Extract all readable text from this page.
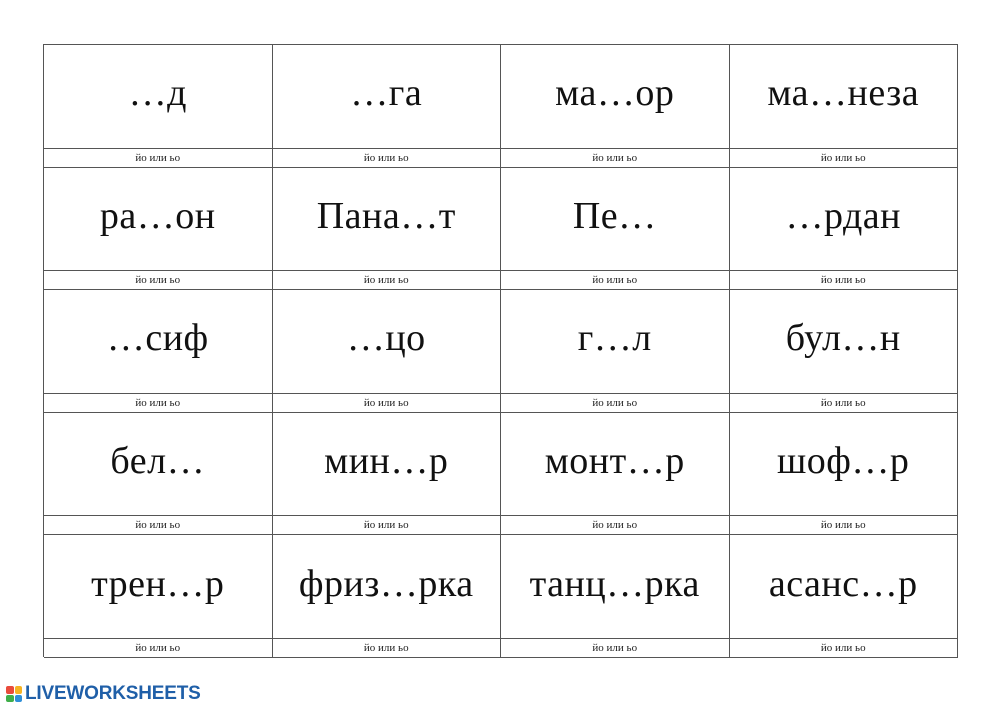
…д
йо или ьо
…га
йо или ьо
ма…ор
йо или ьо
ма…неза
йо или ьо
ра…он
йо или ьо
Пана…т
йо или ьо
Пе…
йо или ьо
…рдан
йо или ьо
…сиф
йо или ьо
…цо
йо или ьо
г…л
йо или ьо
бул…н
йо или ьо
бел…
йо или ьо
мин…р
йо или ьо
монт…р
йо или ьо
шоф…р
йо или ьо
трен…р
йо или ьо
фриз…рка
йо или ьо
танц…рка
йо или ьо
асанс…р
йо или ьо
LIVEWORKSHEETS
